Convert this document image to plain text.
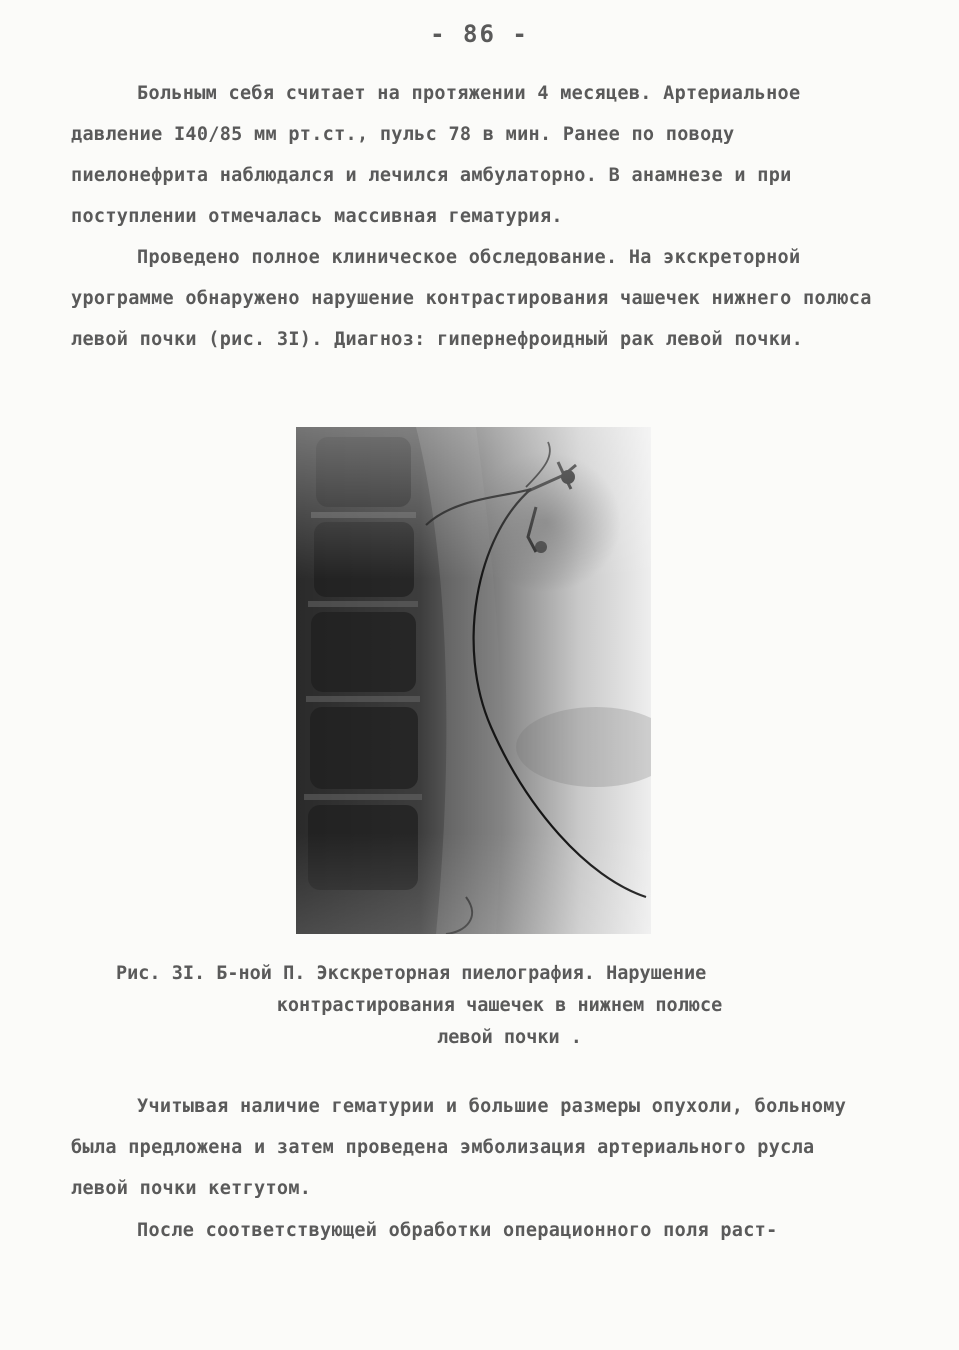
- 86 -

Больным себя считает на протяжении 4 месяцев. Артериальное давление I40/85 мм рт.ст., пульс 78 в мин. Ранее по поводу пиелонефрита наблюдался и лечился амбулаторно. В анамнезе и при поступлении отмечалась массивная гематурия.

Проведено полное клиническое обследование. На экскреторной урограмме обнаружено нарушение контрастирования чашечек нижнего полюса левой почки (рис. 3I). Диагноз: гипернефроидный рак левой почки.

Рис. 3I. Б-ной П. Экскреторная пиелография. Нарушение
контрастирования чашечек в нижнем полюсе
левой почки .

Учитывая наличие гематурии и большие размеры опухоли, больному была предложена и затем проведена эмболизация артериального русла левой почки кетгутом.

После соответствующей обработки операционного поля раст-
